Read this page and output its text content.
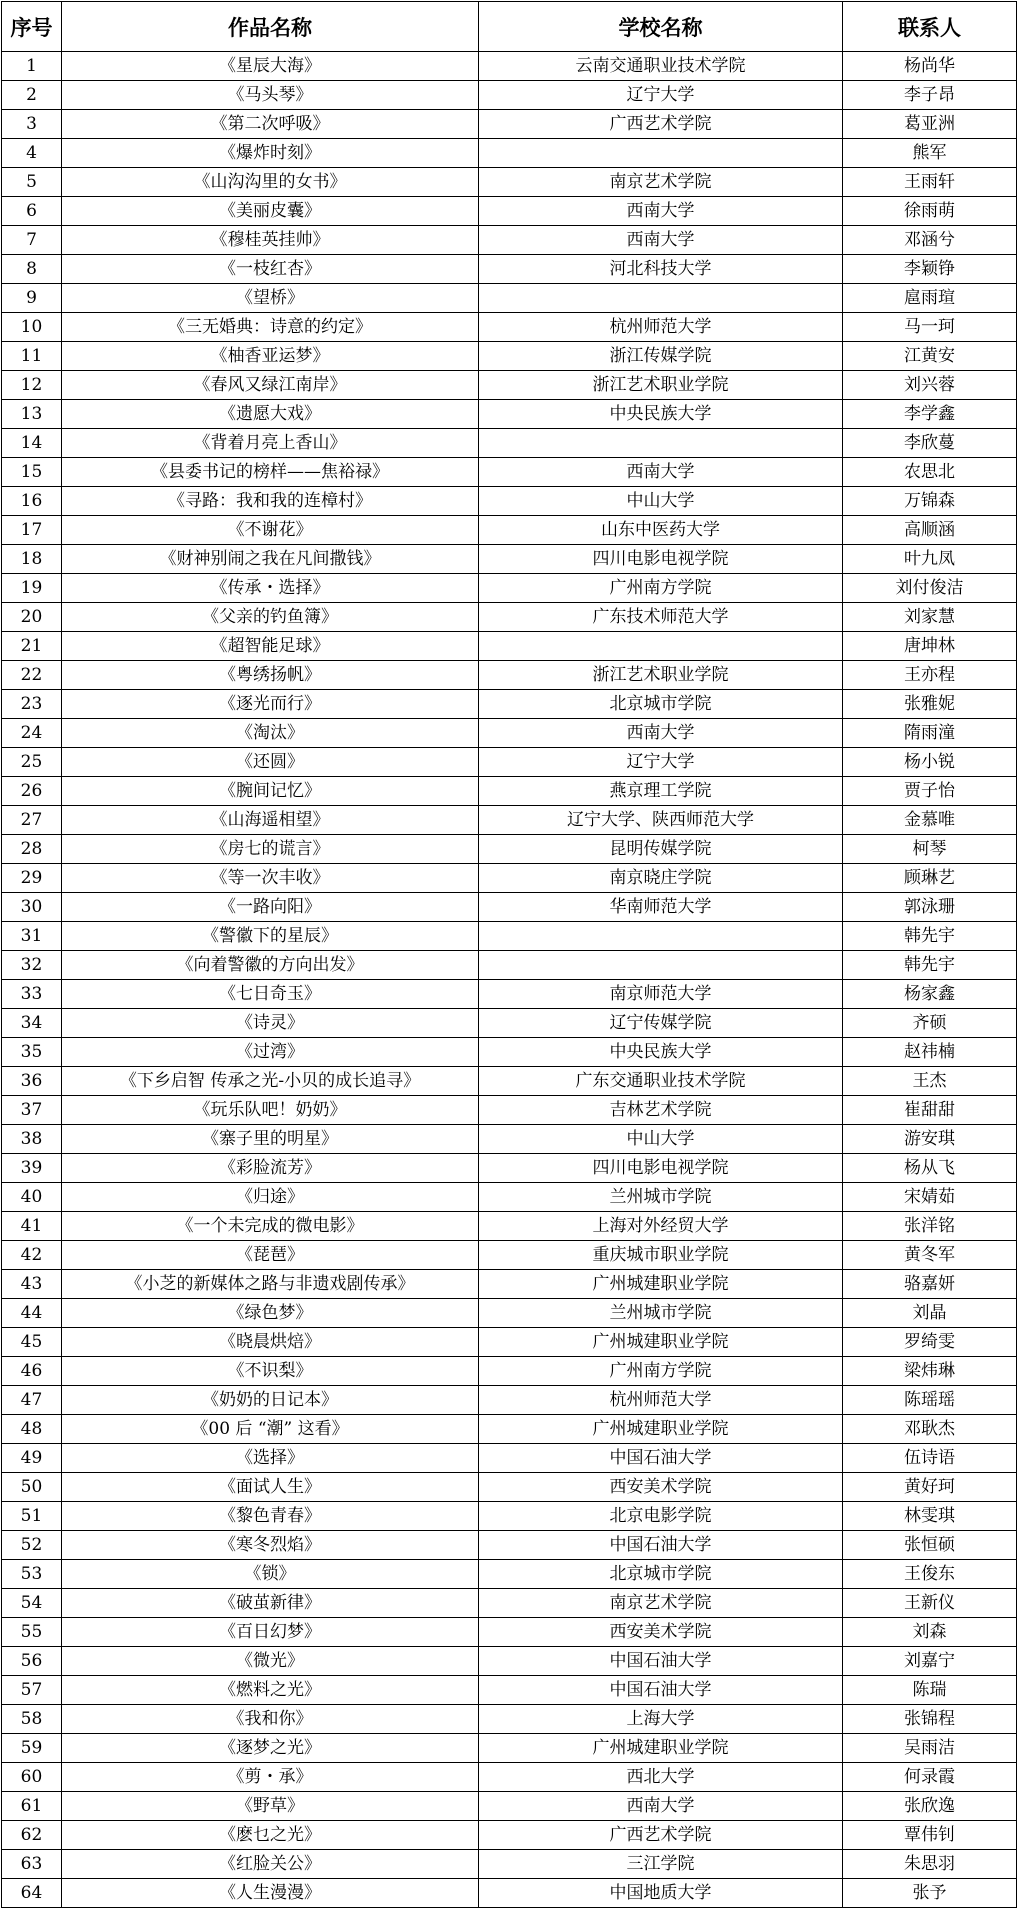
序号	作品名称	学校名称	联系人
1	《星辰大海》	云南交通职业技术学院	杨尚华
2	《马头琴》	辽宁大学	李子昂
3	《第二次呼吸》	广西艺术学院	葛亚洲
4	《爆炸时刻》		熊军
5	《山沟沟里的女书》	南京艺术学院	王雨轩
6	《美丽皮囊》	西南大学	徐雨萌
7	《穆桂英挂帅》	西南大学	邓涵兮
8	《一枝红杏》	河北科技大学	李颖铮
9	《望桥》		扈雨瑄
10	《三无婚典：诗意的约定》	杭州师范大学	马一珂
11	《柚香亚运梦》	浙江传媒学院	江黄安
12	《春风又绿江南岸》	浙江艺术职业学院	刘兴蓉
13	《遗愿大戏》	中央民族大学	李学鑫
14	《背着月亮上香山》		李欣蔓
15	《县委书记的榜样——焦裕禄》	西南大学	农思北
16	《寻路：我和我的连樟村》	中山大学	万锦森
17	《不谢花》	山东中医药大学	高顺涵
18	《财神别闹之我在凡间撒钱》	四川电影电视学院	叶九凤
19	《传承・选择》	广州南方学院	刘付俊洁
20	《父亲的钓鱼簿》	广东技术师范大学	刘家慧
21	《超智能足球》		唐坤林
22	《粤绣扬帆》	浙江艺术职业学院	王亦程
23	《逐光而行》	北京城市学院	张雅妮
24	《淘汰》	西南大学	隋雨潼
25	《还圆》	辽宁大学	杨小锐
26	《腕间记忆》	燕京理工学院	贾子怡
27	《山海遥相望》	辽宁大学、陕西师范大学	金慕唯
28	《房七的谎言》	昆明传媒学院	柯琴
29	《等一次丰收》	南京晓庄学院	顾琳艺
30	《一路向阳》	华南师范大学	郭泳珊
31	《警徽下的星辰》		韩先宇
32	《向着警徽的方向出发》		韩先宇
33	《七日奇玉》	南京师范大学	杨家鑫
34	《诗灵》	辽宁传媒学院	齐硕
35	《过湾》	中央民族大学	赵祎楠
36	《下乡启智 传承之光-小贝的成长追寻》	广东交通职业技术学院	王杰
37	《玩乐队吧！奶奶》	吉林艺术学院	崔甜甜
38	《寨子里的明星》	中山大学	游安琪
39	《彩脸流芳》	四川电影电视学院	杨从飞
40	《归途》	兰州城市学院	宋婧茹
41	《一个未完成的微电影》	上海对外经贸大学	张洋铭
42	《琵琶》	重庆城市职业学院	黄冬军
43	《小芝的新媒体之路与非遗戏剧传承》	广州城建职业学院	骆嘉妍
44	《绿色梦》	兰州城市学院	刘晶
45	《晓晨烘焙》	广州城建职业学院	罗绮雯
46	《不识梨》	广州南方学院	梁炜琳
47	《奶奶的日记本》	杭州师范大学	陈瑶瑶
48	《00 后 “潮” 这看》	广州城建职业学院	邓耿杰
49	《选择》	中国石油大学	伍诗语
50	《面试人生》	西安美术学院	黄好珂
51	《黎色青春》	北京电影学院	林雯琪
52	《寒冬烈焰》	中国石油大学	张恒硕
53	《锁》	北京城市学院	王俊东
54	《破茧新律》	南京艺术学院	王新仪
55	《百日幻梦》	西安美术学院	刘森
56	《微光》	中国石油大学	刘嘉宁
57	《燃料之光》	中国石油大学	陈瑞
58	《我和你》	上海大学	张锦程
59	《逐梦之光》	广州城建职业学院	吴雨洁
60	《剪・承》	西北大学	何录霞
61	《野草》	西南大学	张欣逸
62	《麽乜之光》	广西艺术学院	覃伟钊
63	《红脸关公》	三江学院	朱思羽
64	《人生漫漫》	中国地质大学	张予
